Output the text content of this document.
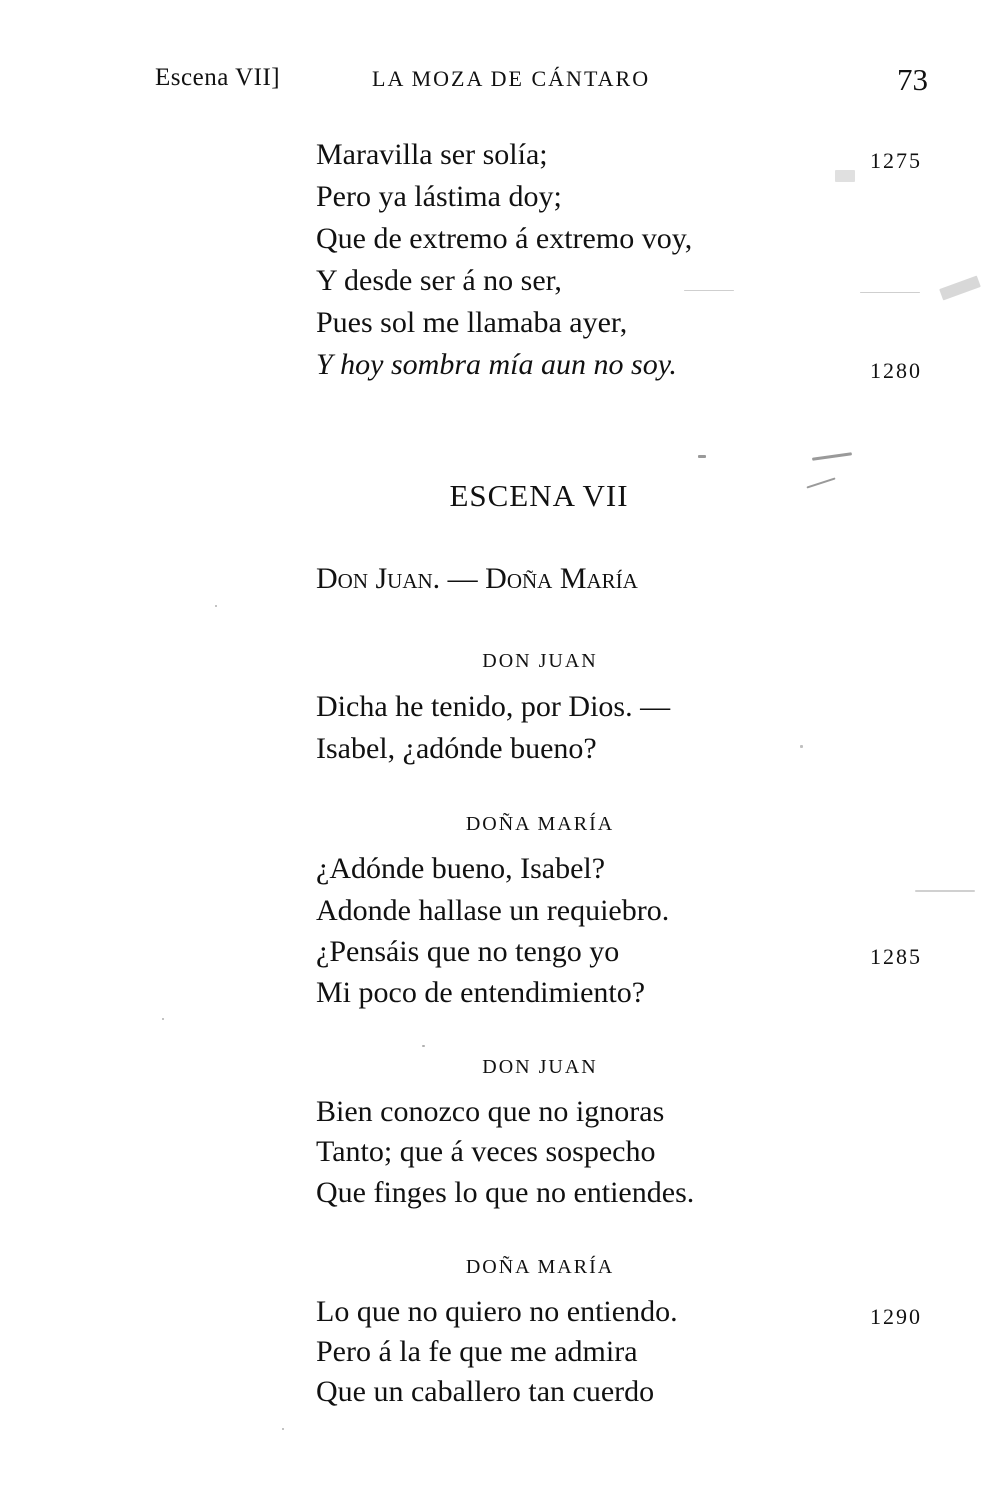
Escena VII]	LA MOZA DE CÁNTARO	73
Maravilla ser solía;	1275
Pero ya lástima doy;
Que de extremo á extremo voy,
Y desde ser á no ser,
Pues sol me llamaba ayer,
Y hoy sombra mía aun no soy.	1280
ESCENA VII
Don Juan. — Doña María
DON JUAN
Dicha he tenido, por Dios. —
Isabel, ¿adónde bueno?
DOÑA MARÍA
¿Adónde bueno, Isabel?
Adonde hallase un requiebro.
¿Pensáis que no tengo yo	1285
Mi poco de entendimiento?
DON JUAN
Bien conozco que no ignoras
Tanto; que á veces sospecho
Que finges lo que no entiendes.
DOÑA MARÍA
Lo que no quiero no entiendo.	1290
Pero á la fe que me admira
Que un caballero tan cuerdo
